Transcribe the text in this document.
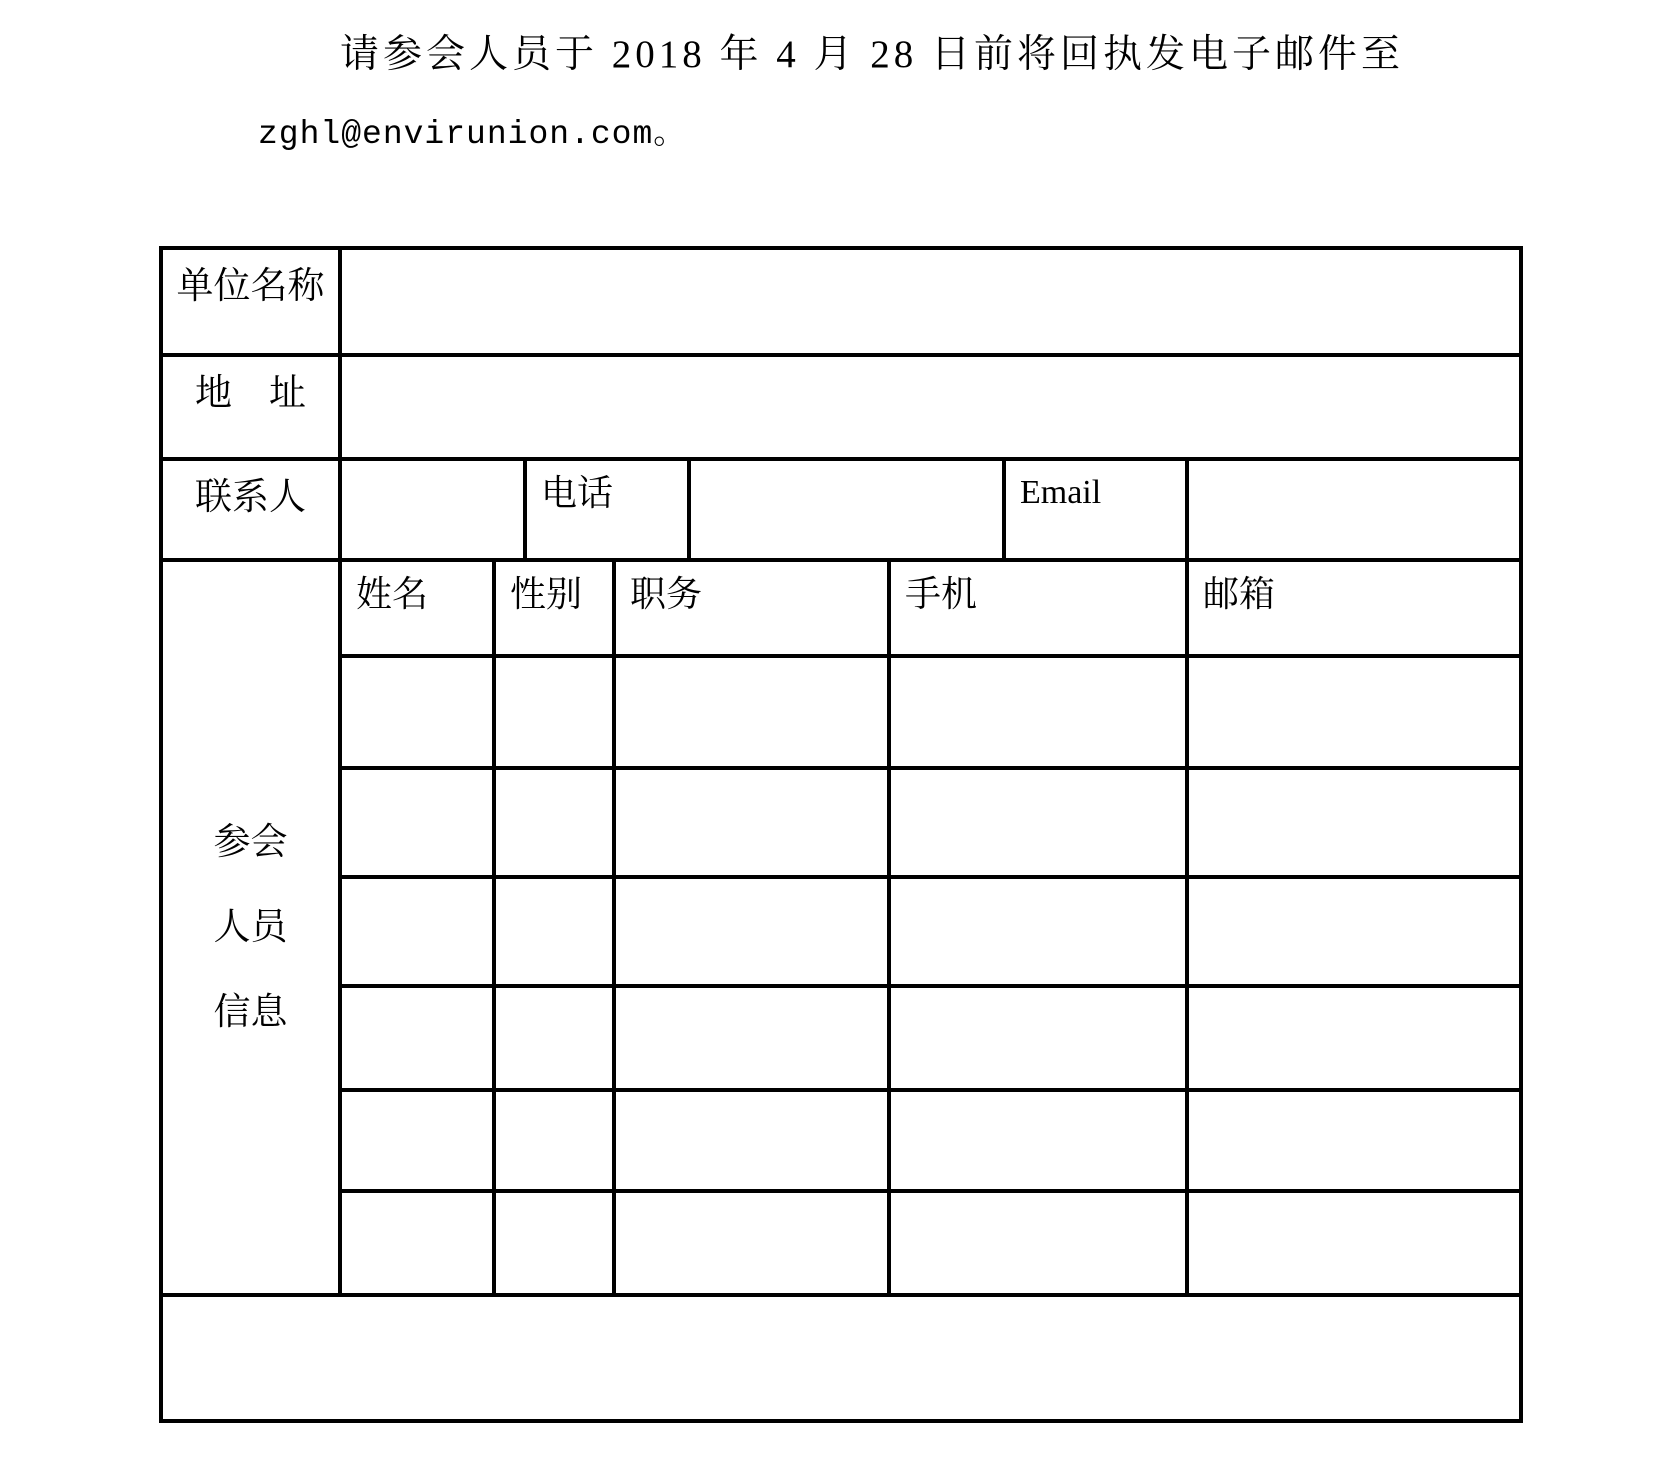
请参会人员于 2018 年 4 月 28 日前将回执发电子邮件至
zghl@envirunion.com。
单位名称
地　址
联系人	电话	Email
参会
人员
信息
姓名	性别	职务	手机	邮箱
